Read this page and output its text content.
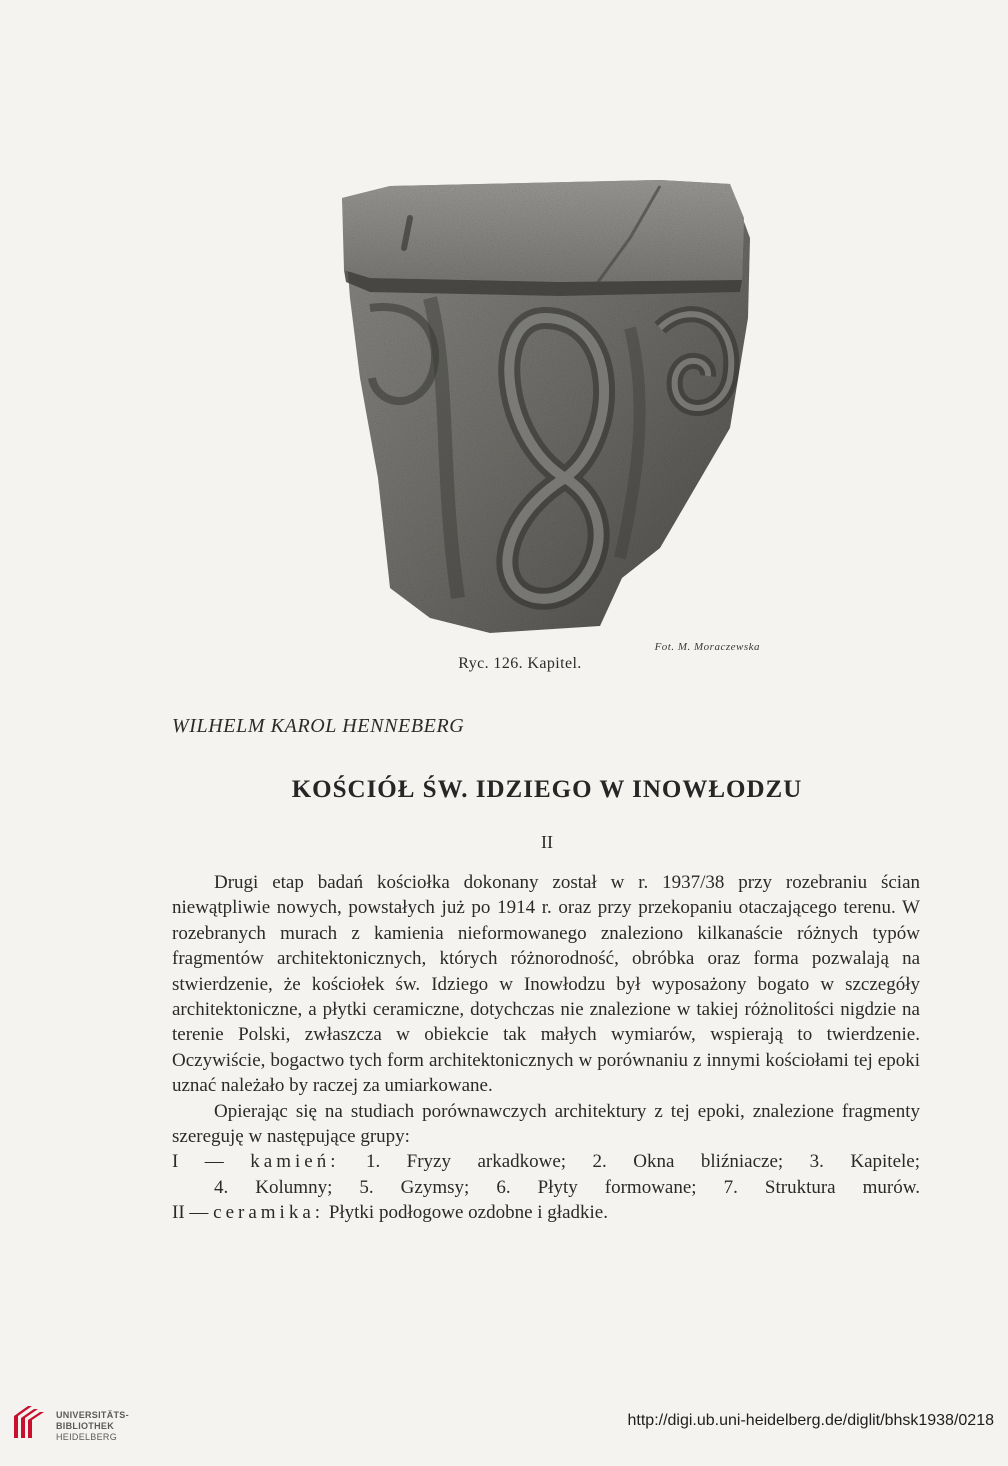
Fot. M. Moraczewska
Ryc. 126. Kapitel.
WILHELM KAROL HENNEBERG
KOŚCIÓŁ ŚW. IDZIEGO W INOWŁODZU
II

Drugi etap badań kościołka dokonany został w r. 1937/38 przy rozebraniu ścian niewątpliwie nowych, powstałych już po 1914 r. oraz przy przekopaniu otaczającego terenu. W rozebranych murach z kamienia nieformowanego znaleziono kilkanaście różnych typów fragmentów architektonicznych, których różnorodność, obróbka oraz forma pozwalają na stwierdzenie, że kościołek św. Idziego w Inowłodzu był wyposażony bogato w szczegóły architektoniczne, a płytki ceramiczne, dotychczas nie znalezione w takiej różnolitości nigdzie na terenie Polski, zwłaszcza w obiekcie tak małych wymiarów, wspierają to twierdzenie. Oczywiście, bogactwo tych form architektonicznych w porównaniu z innymi kościołami tej epoki uznać należało by raczej za umiarkowane.

Opierając się na studiach porównawczych architektury z tej epoki, znalezione fragmenty szereguję w następujące grupy:

I — kamień: 1. Fryzy arkadkowe; 2. Okna bliźniacze; 3. Kapitele;

4. Kolumny; 5. Gzymsy; 6. Płyty formowane; 7. Struktura murów.

II — ceramika: Płytki podłogowe ozdobne i gładkie.

UNIVERSITÄTS-
BIBLIOTHEK
HEIDELBERG
http://digi.ub.uni-heidelberg.de/diglit/bhsk1938/0218
